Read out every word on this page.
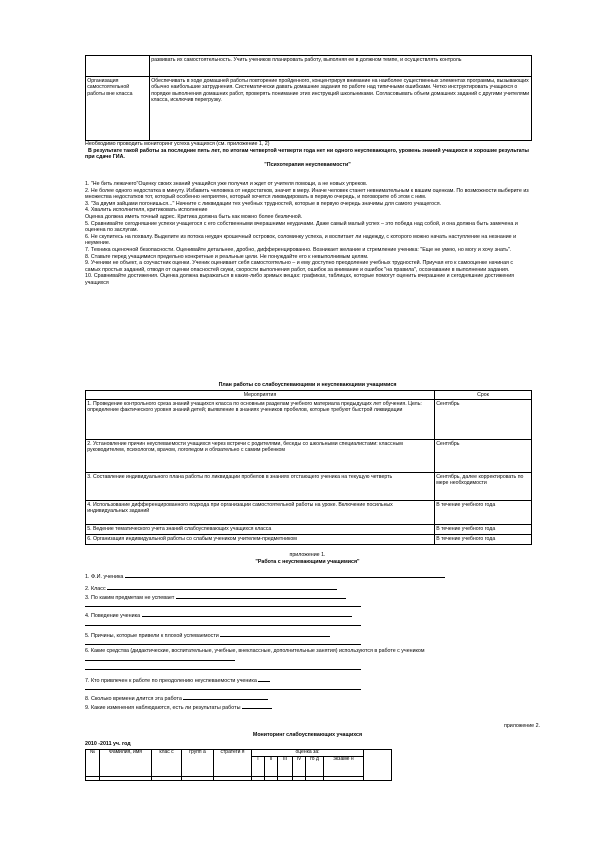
	развивать их самостоятельность. Учить учеников планировать работу, выполняя ее в должном темпе, и осуществлять контроль
Организация самостоятельной работы вне класса	Обеспечивать в ходе домашней работы повторение пройденного, концентрируя внимание на наиболее существенных элементах программы, вызывающих обычно наибольшие затруднения. Систематически давать домашние задания по работе над типичными ошибками. Четко инструктировать учащихся о порядке выполнения домашних работ, проверять понимание этих инструкций школьниками. Согласовывать объем домашних заданий с другими учителями класса, исключив перегрузку.

Необходимо проводить мониторинг усгеха учащихся (см. приложение 1, 2)

В результате такой работы за последние пять лет, по итогам четвертой четверти года нет ни одного неуспевающего, уровень знаний учащихся и хорошие результаты при сдаче ГИА.

"Психотерапия неуспеваемости"

1. "Не бить лежачего"Оценку своих знаний учащийся уже получил и ждет от учителя помощи, а не новых упреков.

2. Не более одного недостатка в минуту. Избавить человека от недостатков, значит в меру. Иначе человек станет невнимательным к вашим оценкам. По возможности выберите из множества недостатков тот, который особенно неприятен, который хочется ликвидировать в первую очередь, и поговорите об этом с ним.

3. "За двумя зайцами погонишься..." Начните с ликвидации тех учебных трудностей, которые в первую очередь значимы для самого учащегося.

4. Хвалить исполнителя, критиковать исполнение

Оценка должна иметь точный адрес. Критика должна быть как можно более безличной.

5. Сравнивайте сегодняшние успехи учащегося с его собственными вчерашними неудачами. Даже самый малый успех – это победа над собой, и она должна быть замечена и оценена по заслугам.

6. Не скупитесь на похвалу. Выделите из потока неудач крошечный островок, соломинку успеха, и воспитает ли надежду, с которого можно начать наступление на незнание и неумение.

7. Техника оценочной безопасности. Оценивайте детальнее, дробно, дифференцированно. Возникает желание и стремление ученика: "Еще не умею, но могу и хочу знать".

8. Ставьте перед учащимися предельно конкретные и реальные цели. Не понуждайте его к невыполнимым целям.

9. Ученики не объект, а соучастник оценки. Ученик оценивает себя самостоятельно – и ему доступно преодоление учебных трудностей. Приучая его к самооценке начиная с самых простых заданий, отводя от оценки опасностей скуки, скорости выполнения работ, ошибок за внимание и ошибок "на правила", осознавание в выполнении задания.

10. Сравнивайте достижения. Оценка должна выражаться в каких-либо зримых вещах: графиках, таблицах, которые помогут оценить вчерашние и сегодняшние достижения учащихся

План работы со слабоуспевающими и неуспевающими учащимися
Мероприятия	Срок
1. Проведение контрольного среза знаний учащихся класса по основным разделам учебного материала предыдущих лет обучения. Цель: определение фактического уровня знаний детей; выявление в знаниях учеников пробелов, которые требуют быстрой ликвидации	Сентябрь
2. Установление причин неуспеваемости учащихся через встречи с родителями, беседы со школьными специалистами: классным руководителем, психологом, врачом, логопедом и обязательно с самим ребенком	Сентябрь
3. Составление индивидуального плана работы по ликвидации пробелов в знаниях отстающего ученика на текущую четверть	Сентябрь, далее корректировать по мере необходимости
4. Использование дифференцированного подхода при организации самостоятельной работы на уроке. Включение посильных индивидуальных заданий	В течение учебного года
5. Ведение тематического учета знаний слабоуспевающих учащихся класса	В течение учебного года
6. Организация индивидуальной работы со слабым учеником учителем-предметником	В течение учебного года
приложение 1.
"Работа с неуспевающими учащимися"
1. Ф.И. ученика
2. Класс
3. По каким предметам не успевает
4. Поведение ученика
5. Причины, которые привели к плохой успеваемости
6. Какие средства (дидактические, воспитательные, учебные, внеклассные, дополнительные занятия) используются в работе с учеником
7. Кто привлечен к работе по преодолению неуспеваемости ученика
8. Сколько времени длится эта работа
9. Какие изменения наблюдаются, есть ли результаты работы
приложение 2.
Мониторинг слабоуспевающих учащихся
2010 -2011 уч. год
№	Фамилия, имя	клас с	групп а	стратеги я	оценка за:						
					I	II	III	IV	го д	экзаме н	
